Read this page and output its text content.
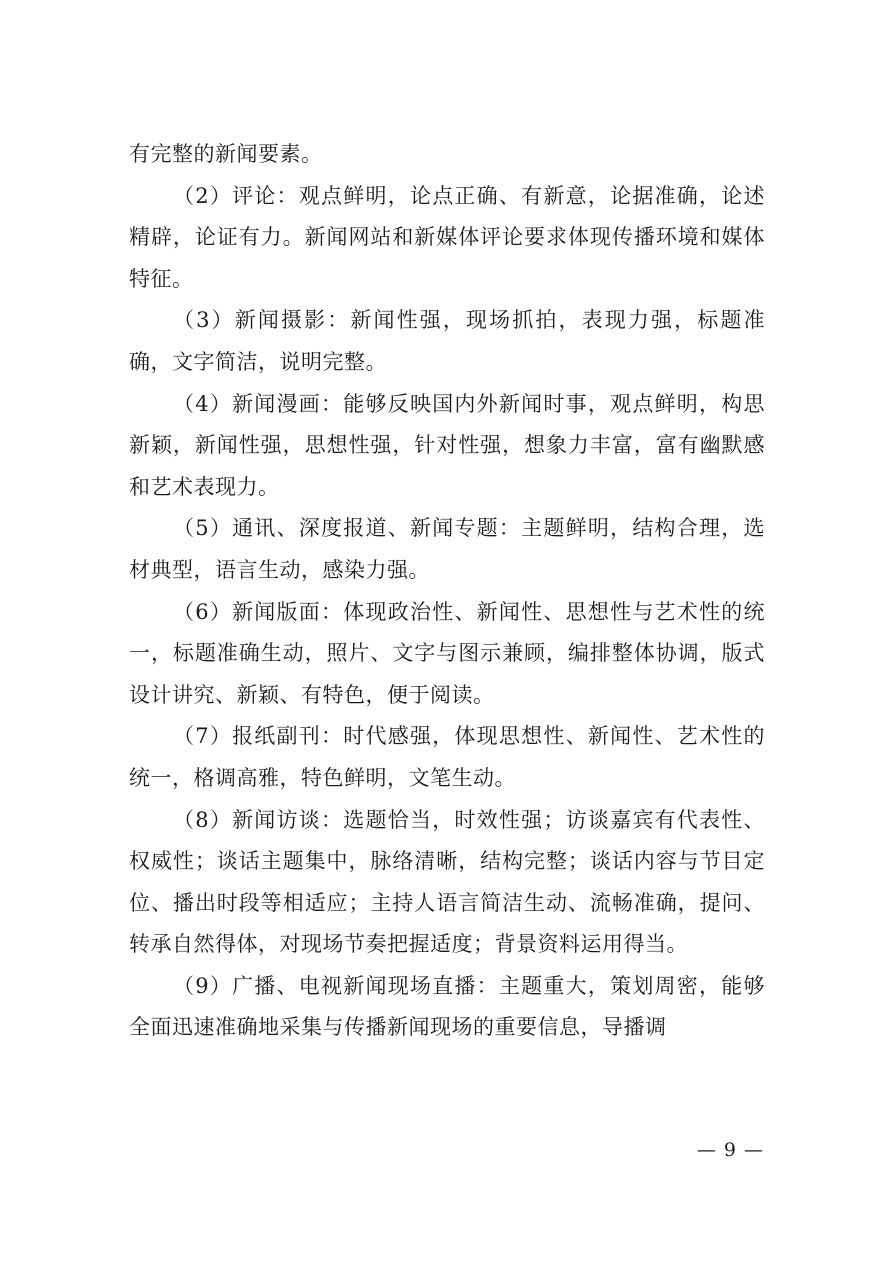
有完整的新闻要素。

（2）评论：观点鲜明，论点正确、有新意，论据准确，论述精辟，论证有力。新闻网站和新媒体评论要求体现传播环境和媒体特征。

（3）新闻摄影：新闻性强，现场抓拍，表现力强，标题准确，文字简洁，说明完整。

（4）新闻漫画：能够反映国内外新闻时事，观点鲜明，构思新颖，新闻性强，思想性强，针对性强，想象力丰富，富有幽默感和艺术表现力。

（5）通讯、深度报道、新闻专题：主题鲜明，结构合理，选材典型，语言生动，感染力强。

（6）新闻版面：体现政治性、新闻性、思想性与艺术性的统一，标题准确生动，照片、文字与图示兼顾，编排整体协调，版式设计讲究、新颖、有特色，便于阅读。

（7）报纸副刊：时代感强，体现思想性、新闻性、艺术性的统一，格调高雅，特色鲜明，文笔生动。

（8）新闻访谈：选题恰当，时效性强；访谈嘉宾有代表性、权威性；谈话主题集中，脉络清晰，结构完整；谈话内容与节目定位、播出时段等相适应；主持人语言简洁生动、流畅准确，提问、转承自然得体，对现场节奏把握适度；背景资料运用得当。

（9）广播、电视新闻现场直播：主题重大，策划周密，能够全面迅速准确地采集与传播新闻现场的重要信息，导播调

— 9 —
